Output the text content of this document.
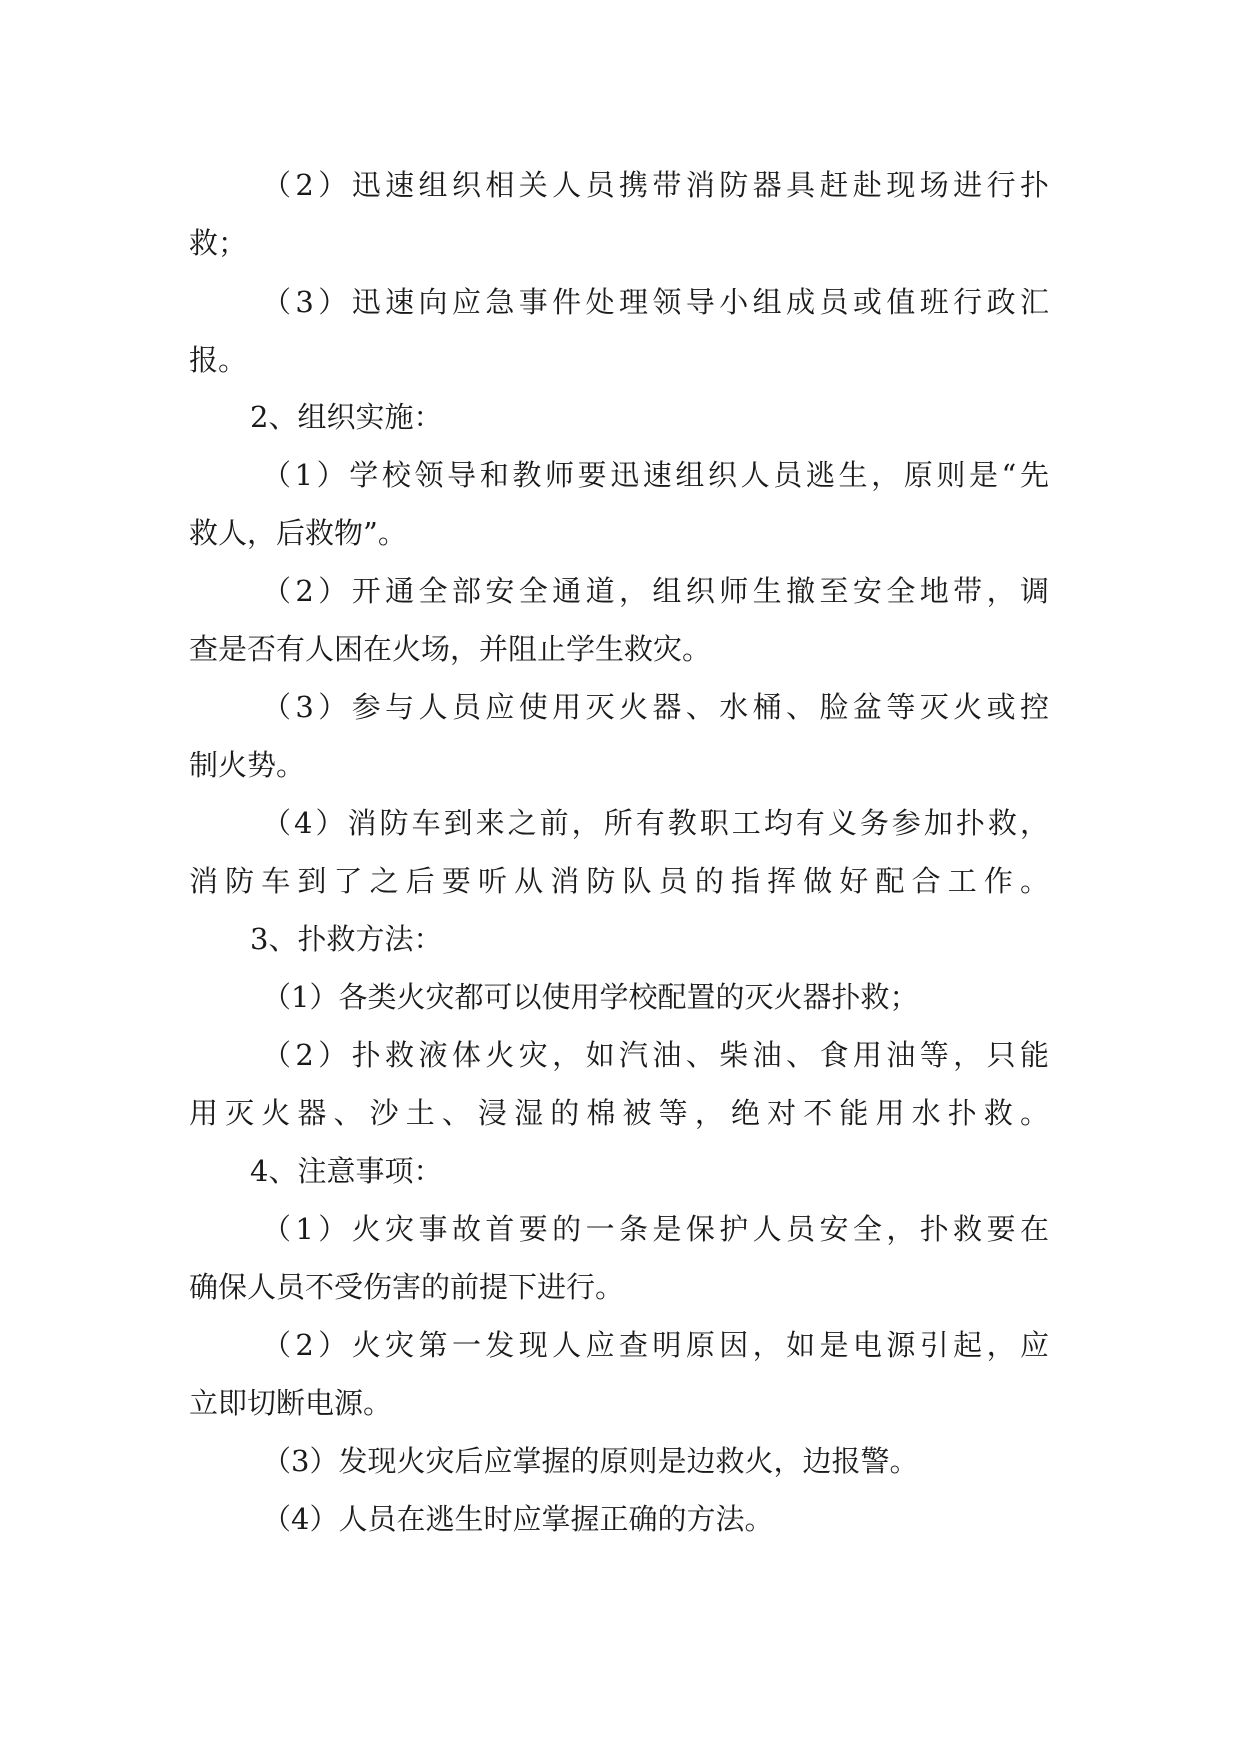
（2）迅速组织相关人员携带消防器具赶赴现场进行扑
救；
（3）迅速向应急事件处理领导小组成员或值班行政汇
报。
2、组织实施：
（1）学校领导和教师要迅速组织人员逃生，原则是“先
救人，后救物”。
（2）开通全部安全通道，组织师生撤至安全地带，调
查是否有人困在火场，并阻止学生救灾。
（3）参与人员应使用灭火器、水桶、脸盆等灭火或控
制火势。
（4）消防车到来之前，所有教职工均有义务参加扑救，
消防车到了之后要听从消防队员的指挥做好配合工作。
3、扑救方法：
（1）各类火灾都可以使用学校配置的灭火器扑救；
（2）扑救液体火灾，如汽油、柴油、食用油等，只能
用灭火器、沙土、浸湿的棉被等，绝对不能用水扑救。
4、注意事项：
（1）火灾事故首要的一条是保护人员安全，扑救要在
确保人员不受伤害的前提下进行。
（2）火灾第一发现人应查明原因，如是电源引起，应
立即切断电源。
（3）发现火灾后应掌握的原则是边救火，边报警。
（4）人员在逃生时应掌握正确的方法。
